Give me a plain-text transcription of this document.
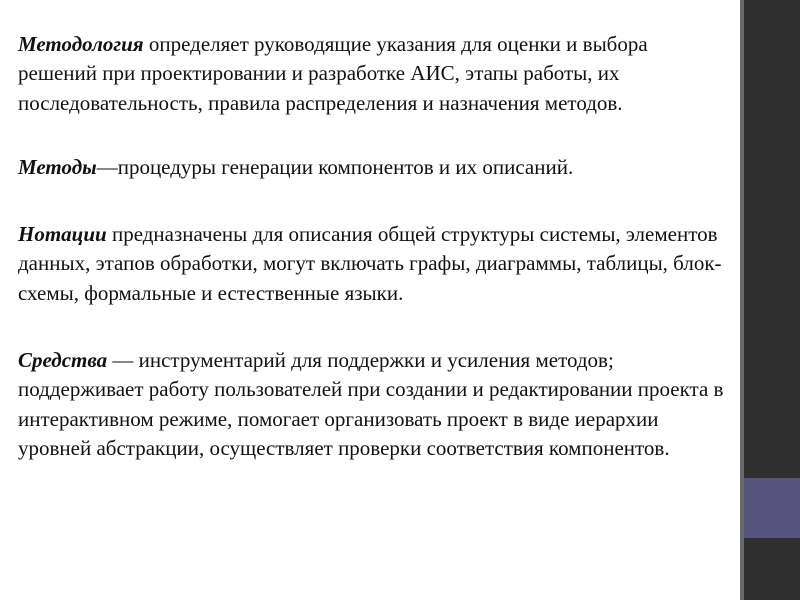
Методология определяет руководящие указания для оценки и выбора решений при проектировании и разработке АИС, этапы работы, их последовательность, правила распределения и назначения методов.

Методы—процедуры генерации компонентов и их описаний.

Нотации предназначены для описания общей структуры системы, элементов данных, этапов обработки, могут включать графы, диаграммы, таблицы, блок-схемы, формальные и естественные языки.

Средства — инструментарий для поддержки и усиления методов; поддерживает работу пользователей при создании и редактировании проекта в интерактивном режиме, помогает организовать проект в виде иерархии уровней абстракции, осуществляет проверки соответствия компонентов.
